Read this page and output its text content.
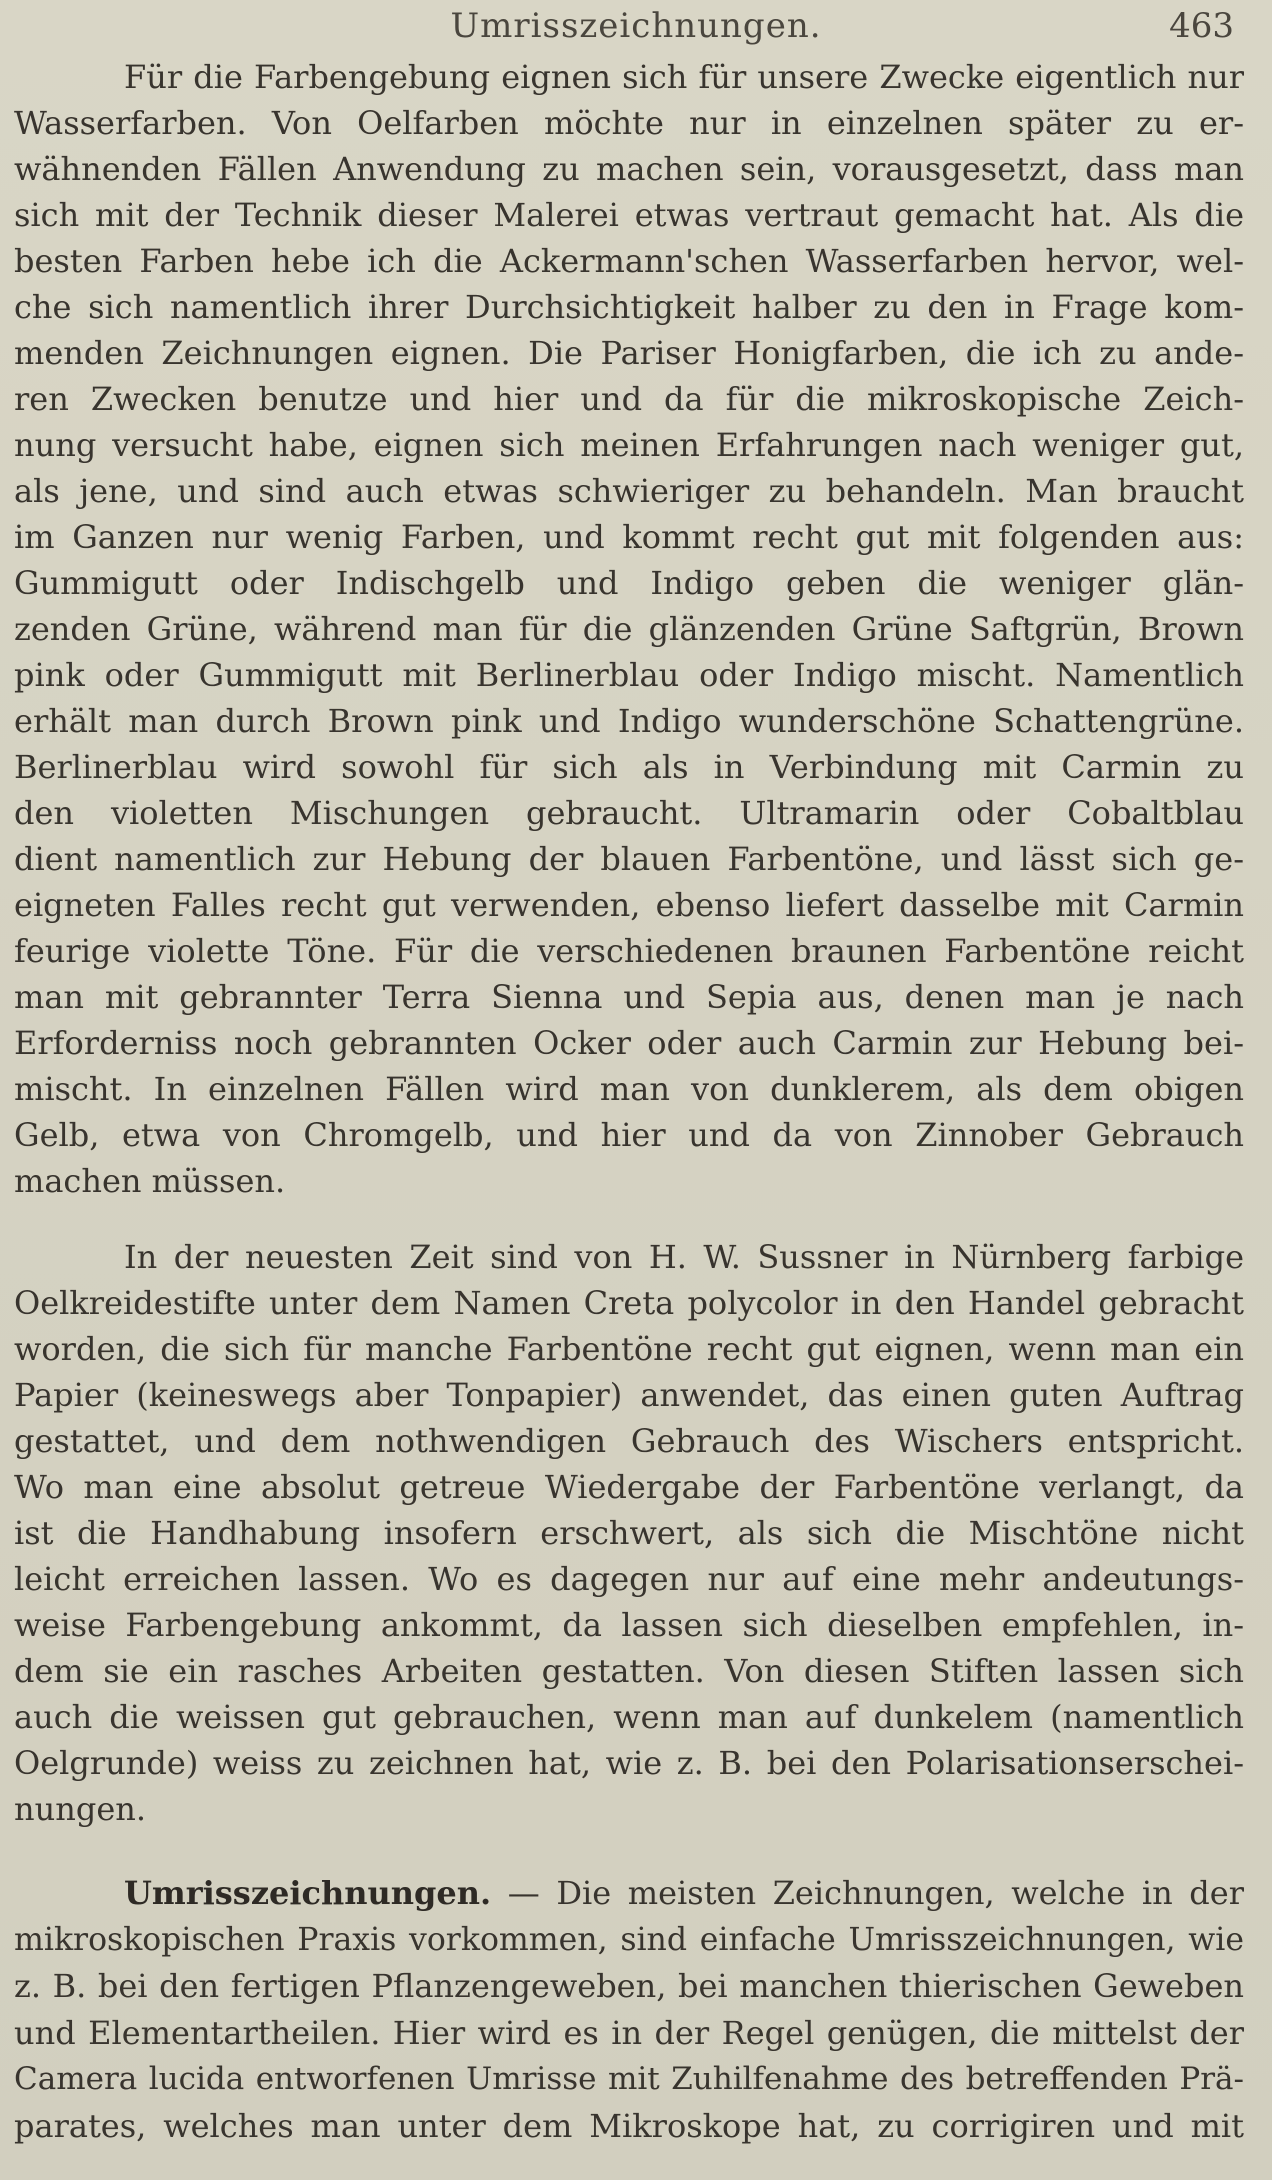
Umrisszeichnungen.	463
Für die Farbengebung eignen sich für unsere Zwecke eigentlich nur
Wasserfarben. Von Oelfarben möchte nur in einzelnen später zu er-
wähnenden Fällen Anwendung zu machen sein, vorausgesetzt, dass man
sich mit der Technik dieser Malerei etwas vertraut gemacht hat. Als die
besten Farben hebe ich die Ackermann'schen Wasserfarben hervor, wel-
che sich namentlich ihrer Durchsichtigkeit halber zu den in Frage kom-
menden Zeichnungen eignen. Die Pariser Honigfarben, die ich zu ande-
ren Zwecken benutze und hier und da für die mikroskopische Zeich-
nung versucht habe, eignen sich meinen Erfahrungen nach weniger gut,
als jene, und sind auch etwas schwieriger zu behandeln. Man braucht
im Ganzen nur wenig Farben, und kommt recht gut mit folgenden aus:
Gummigutt oder Indischgelb und Indigo geben die weniger glän-
zenden Grüne, während man für die glänzenden Grüne Saftgrün, Brown
pink oder Gummigutt mit Berlinerblau oder Indigo mischt. Namentlich
erhält man durch Brown pink und Indigo wunderschöne Schattengrüne.
Berlinerblau wird sowohl für sich als in Verbindung mit Carmin zu
den violetten Mischungen gebraucht. Ultramarin oder Cobaltblau
dient namentlich zur Hebung der blauen Farbentöne, und lässt sich ge-
eigneten Falles recht gut verwenden, ebenso liefert dasselbe mit Carmin
feurige violette Töne. Für die verschiedenen braunen Farbentöne reicht
man mit gebrannter Terra Sienna und Sepia aus, denen man je nach
Erforderniss noch gebrannten Ocker oder auch Carmin zur Hebung bei-
mischt. In einzelnen Fällen wird man von dunklerem, als dem obigen
Gelb, etwa von Chromgelb, und hier und da von Zinnober Gebrauch
machen müssen.
In der neuesten Zeit sind von H. W. Sussner in Nürnberg farbige
Oelkreidestifte unter dem Namen Creta polycolor in den Handel gebracht
worden, die sich für manche Farbentöne recht gut eignen, wenn man ein
Papier (keineswegs aber Tonpapier) anwendet, das einen guten Auftrag
gestattet, und dem nothwendigen Gebrauch des Wischers entspricht.
Wo man eine absolut getreue Wiedergabe der Farbentöne verlangt, da
ist die Handhabung insofern erschwert, als sich die Mischtöne nicht
leicht erreichen lassen. Wo es dagegen nur auf eine mehr andeutungs-
weise Farbengebung ankommt, da lassen sich dieselben empfehlen, in-
dem sie ein rasches Arbeiten gestatten. Von diesen Stiften lassen sich
auch die weissen gut gebrauchen, wenn man auf dunkelem (namentlich
Oelgrunde) weiss zu zeichnen hat, wie z. B. bei den Polarisationserschei-
nungen.
Umrisszeichnungen. — Die meisten Zeichnungen, welche in der
mikroskopischen Praxis vorkommen, sind einfache Umrisszeichnungen, wie
z. B. bei den fertigen Pflanzengeweben, bei manchen thierischen Geweben
und Elementartheilen. Hier wird es in der Regel genügen, die mittelst der
Camera lucida entworfenen Umrisse mit Zuhilfenahme des betreffenden Prä-
parates, welches man unter dem Mikroskope hat, zu corrigiren und mit
